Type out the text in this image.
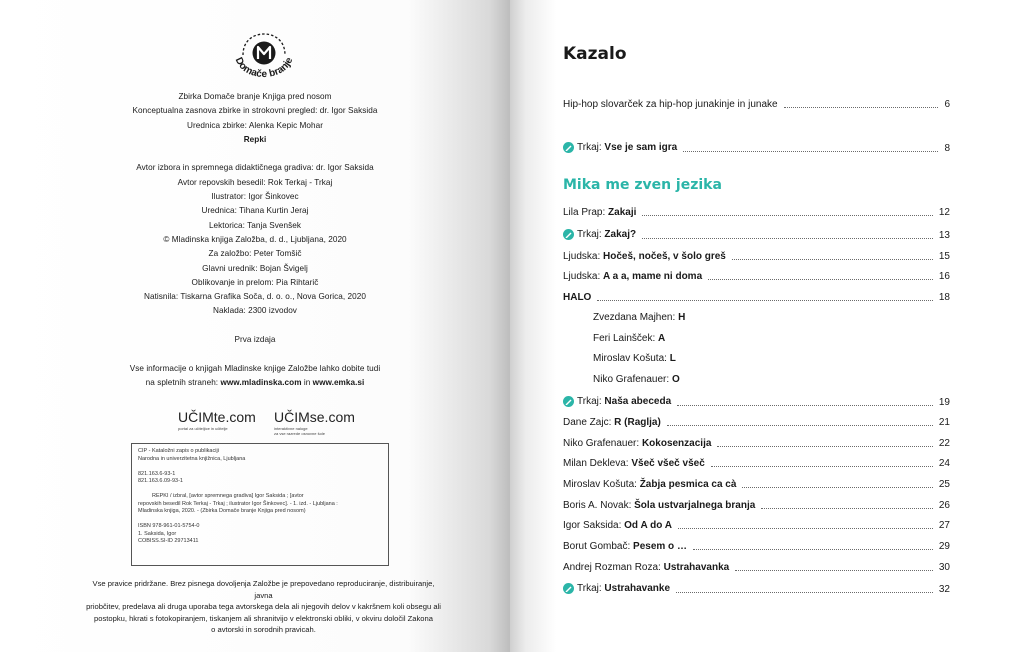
Domače branje
Zbirka Domače branje Knjiga pred nosom
Konceptualna zasnova zbirke in strokovni pregled: dr. Igor Saksida
Urednica zbirke: Alenka Kepic Mohar
Repki
Avtor izbora in spremnega didaktičnega gradiva: dr. Igor Saksida
Avtor repovskih besedil: Rok Terkaj - Trkaj
Ilustrator: Igor Šinkovec
Urednica: Tihana Kurtin Jeraj
Lektorica: Tanja Svenšek
© Mladinska knjiga Založba, d. d., Ljubljana, 2020
Za založbo: Peter Tomšič
Glavni urednik: Bojan Švigelj
Oblikovanje in prelom: Pia Rihtarič
Natisnila: Tiskarna Grafika Soča, d. o. o., Nova Gorica, 2020
Naklada: 2300 izvodov
Prva izdaja
Vse informacije o knjigah Mladinske knjige Založbe lahko dobite tudi
na spletnih straneh: www.mladinska.com in www.emka.si
UČIMte.com
portal za učiteljice in učitelje
UČIMse.com
interaktivne naloge
za vse razrede osnovne šole
CIP - Kataložni zapis o publikaciji
Narodna in univerzitetna knjižnica, Ljubljana

821.163.6-93-1
821.163.6.09-93-1

REPKI / izbral, [avtor spremnega gradiva] Igor Saksida ; [avtor
repovskih besedil Rok Terkaj - Trkaj ; ilustrator Igor Šinkovec]. - 1. izd. - Ljubljana :
Mladinska knjiga, 2020. - (Zbirka Domače branje Knjiga pred nosom)

ISBN 978-961-01-5754-0
1. Saksida, Igor
COBISS.SI-ID 29713411
Vse pravice pridržane. Brez pisnega dovoljenja Založbe je prepovedano reproduciranje, distribuiranje, javna
priobčitev, predelava ali druga uporaba tega avtorskega dela ali njegovih delov v kakršnem koli obsegu ali
postopku, hkrati s fotokopiranjem, tiskanjem ali shranitvijo v elektronski obliki, v okviru določil Zakona
o avtorski in sorodnih pravicah.
Kazalo
Mika me zven jezika
Hip-hop slovarček za hip-hop junakinje in junake	6
Trkaj: Vse je sam igra	8
Lila Prap: Zakaji	12
Trkaj: Zakaj?	13
Ljudska: Hočeš, nočeš, v šolo greš	15
Ljudska: A a a, mame ni doma	16
HALO	18
Zvezdana Majhen: H
Feri Lainšček: A
Miroslav Košuta: L
Niko Grafenauer: O
Trkaj: Naša abeceda	19
Dane Zajc: R (Raglja)	21
Niko Grafenauer: Kokosenzacija	22
Milan Dekleva: Všeč všeč všeč	24
Miroslav Košuta: Žabja pesmica ca cà	25
Boris A. Novak: Šola ustvarjalnega branja	26
Igor Saksida: Od A do A	27
Borut Gombač: Pesem o …	29
Andrej Rozman Roza: Ustrahavanka	30
Trkaj: Ustrahavanke	32
